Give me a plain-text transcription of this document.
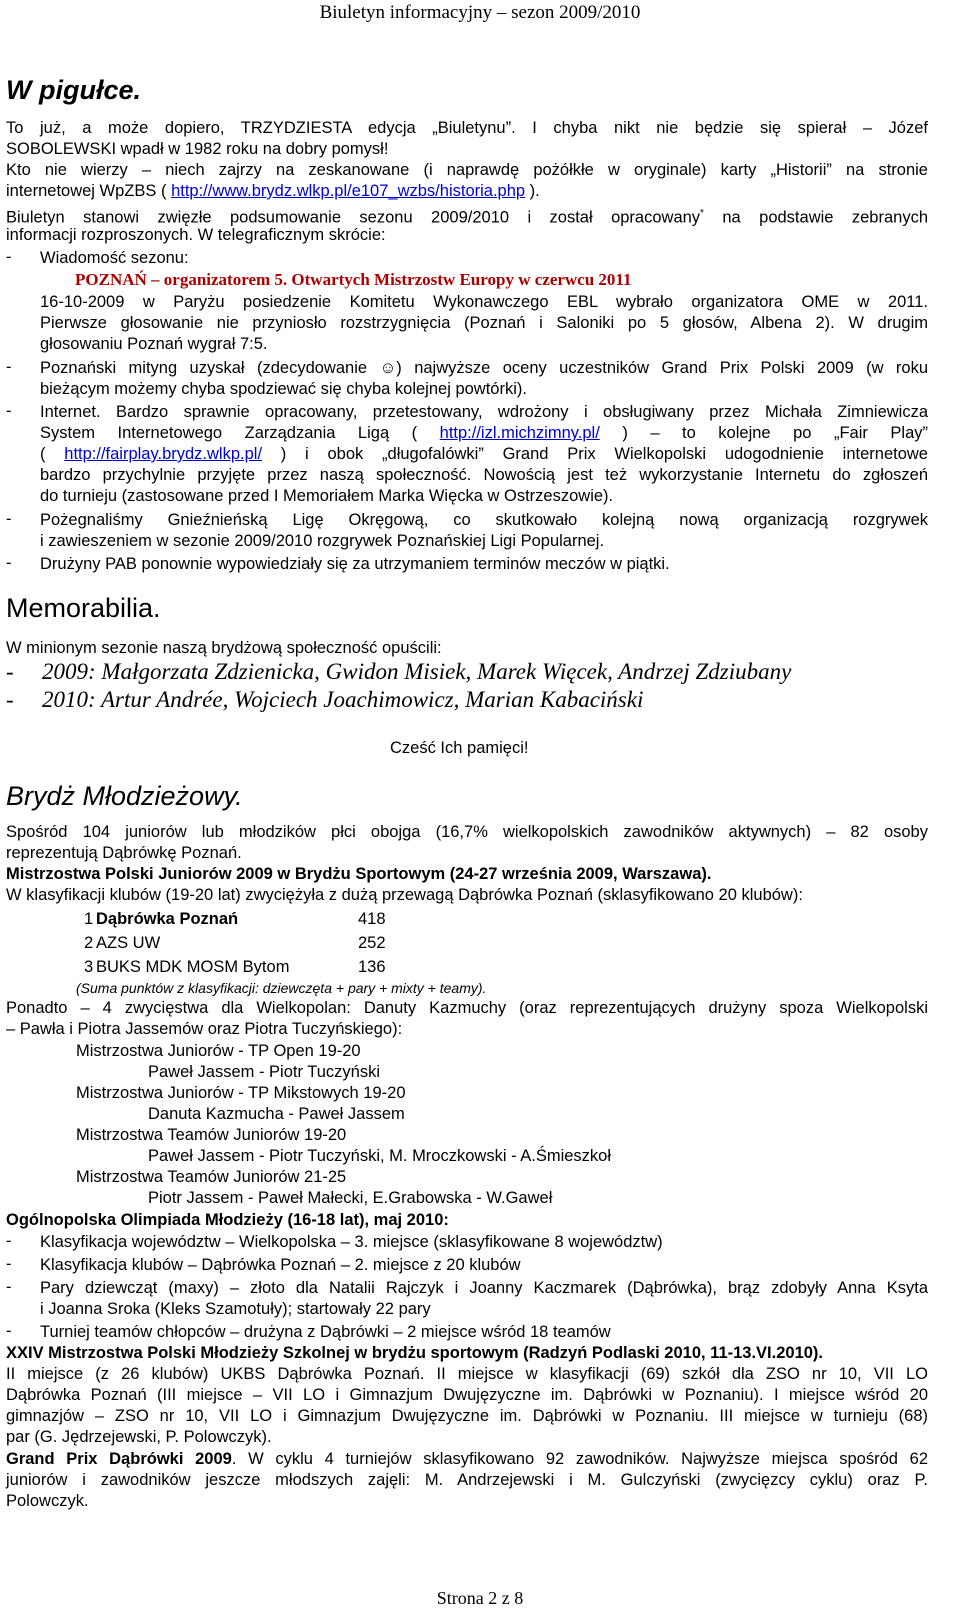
Biuletyn informacyjny – sezon 2009/2010
W pigułce.
To już, a może dopiero, TRZYDZIESTA edycja „Biuletynu”. I chyba nikt nie będzie się spierał – Józef
SOBOLEWSKI wpadł w 1982 roku na dobry pomysł!
Kto nie wierzy – niech zajrzy na zeskanowane (i naprawdę pożółkłe w oryginale) karty „Historii” na stronie
internetowej WpZBS ( http://www.brydz.wlkp.pl/e107_wzbs/historia.php ).
Biuletyn stanowi zwięzłe podsumowanie sezonu 2009/2010 i został opracowany* na podstawie zebranych
informacji rozproszonych. W telegraficznym skrócie:
- Wiadomość sezonu:
POZNAŃ – organizatorem 5. Otwartych Mistrzostw Europy w czerwcu 2011
16-10-2009 w Paryżu posiedzenie Komitetu Wykonawczego EBL wybrało organizatora OME w 2011.
Pierwsze głosowanie nie przyniosło rozstrzygnięcia (Poznań i Saloniki po 5 głosów, Albena 2). W drugim
głosowaniu Poznań wygrał 7:5.
- Poznański mityng uzyskał (zdecydowanie ☺) najwyższe oceny uczestników Grand Prix Polski 2009 (w roku
bieżącym możemy chyba spodziewać się chyba kolejnej powtórki).
- Internet. Bardzo sprawnie opracowany, przetestowany, wdrożony i obsługiwany przez Michała Zimniewicza
System Internetowego Zarządzania Ligą ( http://izl.michzimny.pl/ ) – to kolejne po „Fair Play”
( http://fairplay.brydz.wlkp.pl/ ) i obok „długofalówki” Grand Prix Wielkopolski udogodnienie internetowe
bardzo przychylnie przyjęte przez naszą społeczność. Nowością jest też wykorzystanie Internetu do zgłoszeń
do turnieju (zastosowane przed I Memoriałem Marka Więcka w Ostrzeszowie).
- Pożegnaliśmy Gnieźnieńską Ligę Okręgową, co skutkowało kolejną nową organizacją rozgrywek
i zawieszeniem w sezonie 2009/2010 rozgrywek Poznańskiej Ligi Popularnej.
- Drużyny PAB ponownie wypowiedziały się za utrzymaniem terminów meczów w piątki.
Memorabilia.
W minionym sezonie naszą brydżową społeczność opuścili:
- 2009: Małgorzata Zdzienicka, Gwidon Misiek, Marek Więcek, Andrzej Zdziubany
- 2010: Artur Andrée, Wojciech Joachimowicz, Marian Kabaciński
Cześć Ich pamięci!
Brydż Młodzieżowy.
Spośród 104 juniorów lub młodzików płci obojga (16,7% wielkopolskich zawodników aktywnych) – 82 osoby
reprezentują Dąbrówkę Poznań.
Mistrzostwa Polski Juniorów 2009 w Brydżu Sportowym (24-27 września 2009, Warszawa).
W klasyfikacji klubów (19-20 lat) zwyciężyła z dużą przewagą Dąbrówka Poznań (sklasyfikowano 20 klubów):
1 Dąbrówka Poznań	418
2 AZS UW	252
3 BUKS MDK MOSM Bytom	136
(Suma punktów z klasyfikacji: dziewczęta + pary + mixty + teamy).
Ponadto – 4 zwycięstwa dla Wielkopolan: Danuty Kazmuchy (oraz reprezentujących drużyny spoza Wielkopolski
– Pawła i Piotra Jassemów oraz Piotra Tuczyńskiego):
Mistrzostwa Juniorów - TP Open 19-20
Paweł Jassem - Piotr Tuczyński
Mistrzostwa Juniorów - TP Mikstowych 19-20
Danuta Kazmucha - Paweł Jassem
Mistrzostwa Teamów Juniorów 19-20
Paweł Jassem - Piotr Tuczyński, M. Mroczkowski - A.Śmieszkoł
Mistrzostwa Teamów Juniorów 21-25
Piotr Jassem - Paweł Małecki, E.Grabowska - W.Gaweł
Ogólnopolska Olimpiada Młodzieży (16-18 lat), maj 2010:
- Klasyfikacja województw – Wielkopolska – 3. miejsce (sklasyfikowane 8 województw)
- Klasyfikacja klubów – Dąbrówka Poznań – 2. miejsce z 20 klubów
- Pary dziewcząt (maxy) – złoto dla Natalii Rajczyk i Joanny Kaczmarek (Dąbrówka), brąz zdobyły Anna Ksyta
i Joanna Sroka (Kleks Szamotuły); startowały 22 pary
- Turniej teamów chłopców – drużyna z Dąbrówki – 2 miejsce wśród 18 teamów
XXIV Mistrzostwa Polski Młodzieży Szkolnej w brydżu sportowym (Radzyń Podlaski 2010, 11-13.VI.2010).
II miejsce (z 26 klubów) UKBS Dąbrówka Poznań. II miejsce w klasyfikacji (69) szkół dla ZSO nr 10, VII LO
Dąbrówka Poznań (III miejsce – VII LO i Gimnazjum Dwujęzyczne im. Dąbrówki w Poznaniu). I miejsce wśród 20
gimnazjów – ZSO nr 10, VII LO i Gimnazjum Dwujęzyczne im. Dąbrówki w Poznaniu. III miejsce w turnieju (68)
par (G. Jędrzejewski, P. Polowczyk).
Grand Prix Dąbrówki 2009. W cyklu 4 turniejów sklasyfikowano 92 zawodników. Najwyższe miejsca spośród 62
juniorów i zawodników jeszcze młodszych zajęli: M. Andrzejewski i M. Gulczyński (zwycięzcy cyklu) oraz P.
Polowczyk.
Strona 2 z 8
